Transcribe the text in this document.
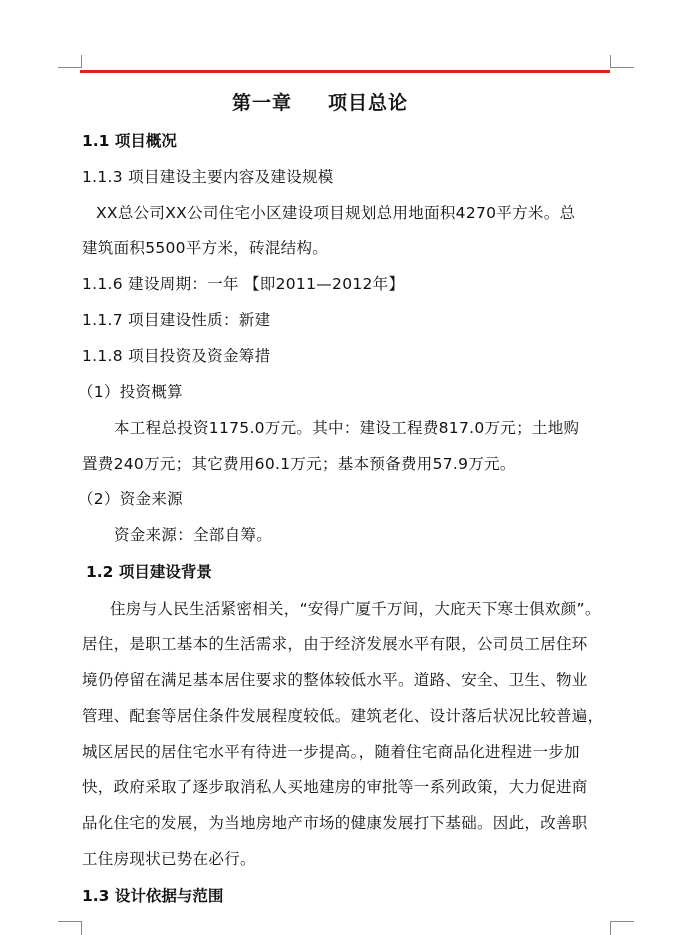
第一章 项目总论
1.1 项目概况
1.1.3 项目建设主要内容及建设规模
XX总公司XX公司住宅小区建设项目规划总用地面积4270平方米。总
建筑面积5500平方米，砖混结构。
1.1.6 建设周期：一年 【即2011—2012年】
1.1.7 项目建设性质：新建
1.1.8 项目投资及资金筹措
（1）投资概算
本工程总投资1175.0万元。其中：建设工程费817.0万元；土地购
置费240万元；其它费用60.1万元；基本预备费用57.9万元。
（2）资金来源
资金来源：全部自筹。
1.2 项目建设背景
住房与人民生活紧密相关，“安得广厦千万间，大庇天下寒士俱欢颜”。
居住，是职工基本的生活需求，由于经济发展水平有限，公司员工居住环
境仍停留在满足基本居住要求的整体较低水平。道路、安全、卫生、物业
管理、配套等居住条件发展程度较低。建筑老化、设计落后状况比较普遍，
城区居民的居住宅水平有待进一步提高。，随着住宅商品化进程进一步加
快，政府采取了逐步取消私人买地建房的审批等一系列政策，大力促进商
品化住宅的发展，为当地房地产市场的健康发展打下基础。因此，改善职
工住房现状已势在必行。
1.3 设计依据与范围
